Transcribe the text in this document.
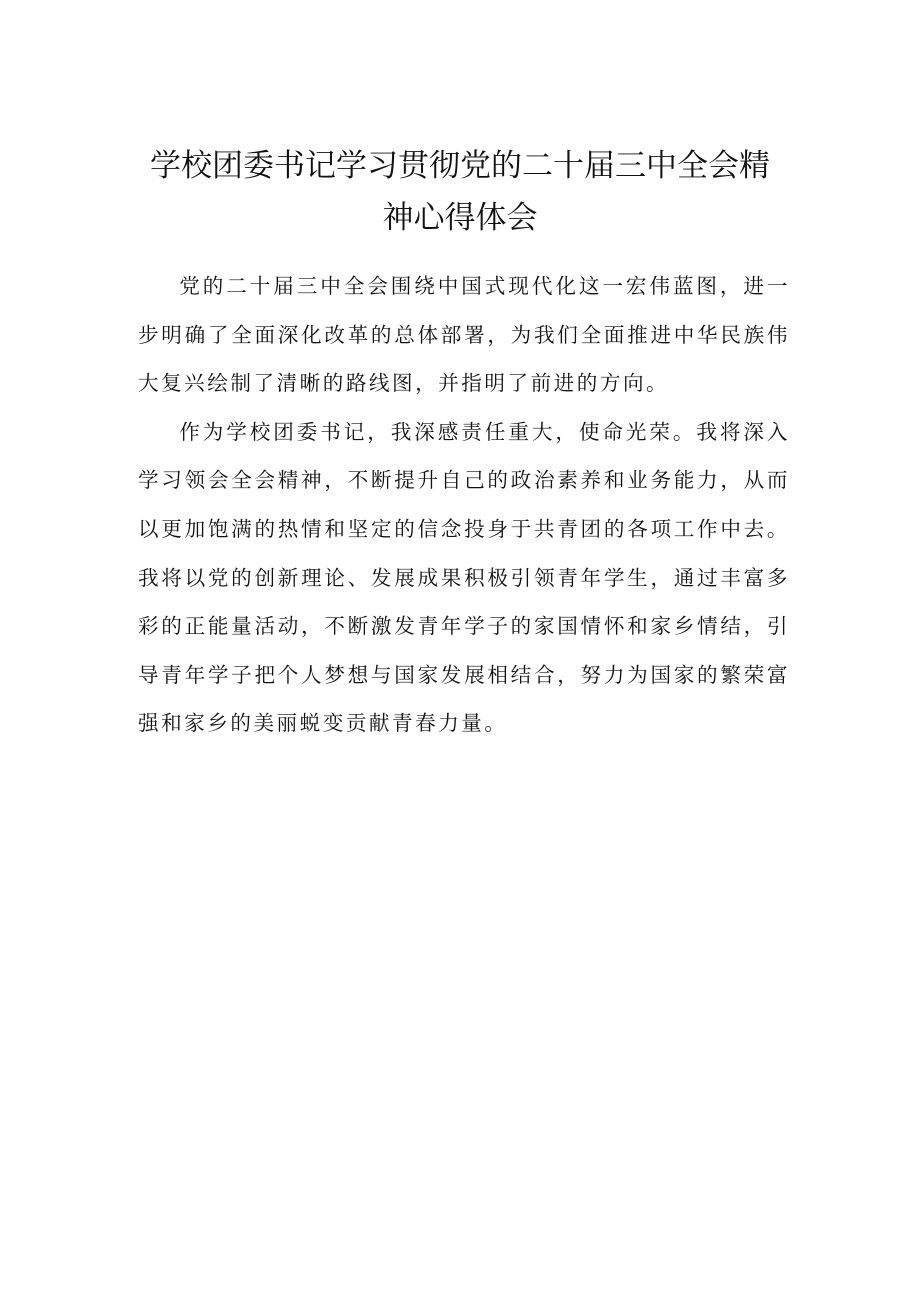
学校团委书记学习贯彻党的二十届三中全会精
神心得体会

党的二十届三中全会围绕中国式现代化这一宏伟蓝图，进一步明确了全面深化改革的总体部署，为我们全面推进中华民族伟大复兴绘制了清晰的路线图，并指明了前进的方向。

作为学校团委书记，我深感责任重大，使命光荣。我将深入学习领会全会精神，不断提升自己的政治素养和业务能力，从而以更加饱满的热情和坚定的信念投身于共青团的各项工作中去。我将以党的创新理论、发展成果积极引领青年学生，通过丰富多彩的正能量活动，不断激发青年学子的家国情怀和家乡情结，引导青年学子把个人梦想与国家发展相结合，努力为国家的繁荣富强和家乡的美丽蜕变贡献青春力量。
